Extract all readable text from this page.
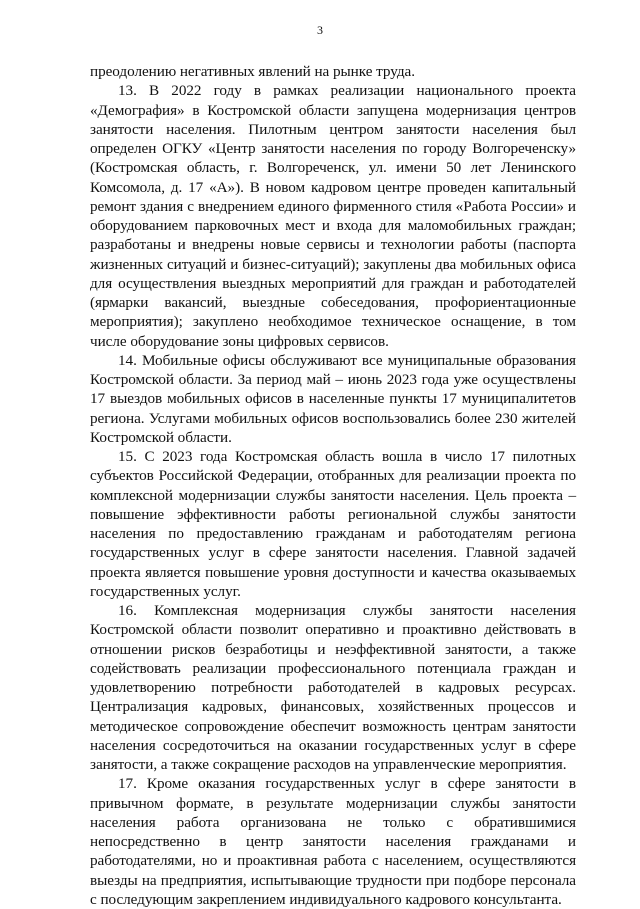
3

преодолению негативных явлений на рынке труда.

13. В 2022 году в рамках реализации национального проекта «Демография» в Костромской области запущена модернизация центров занятости населения. Пилотным центром занятости населения был определен ОГКУ «Центр занятости населения по городу Волгореченску» (Костромская область, г. Волгореченск, ул. имени 50 лет Ленинского Комсомола, д. 17 «А»). В новом кадровом центре проведен капитальный ремонт здания с внедрением единого фирменного стиля «Работа России» и оборудованием парковочных мест и входа для маломобильных граждан; разработаны и внедрены новые сервисы и технологии работы (паспорта жизненных ситуаций и бизнес-ситуаций); закуплены два мобильных офиса для осуществления выездных мероприятий для граждан и работодателей (ярмарки вакансий, выездные собеседования, профориентационные мероприятия); закуплено необходимое техническое оснащение, в том числе оборудование зоны цифровых сервисов.

14. Мобильные офисы обслуживают все муниципальные образования Костромской области. За период май – июнь 2023 года уже осуществлены 17 выездов мобильных офисов в населенные пункты 17 муниципалитетов региона. Услугами мобильных офисов воспользовались более 230 жителей Костромской области.

15. С 2023 года Костромская область вошла в число 17 пилотных субъектов Российской Федерации, отобранных для реализации проекта по комплексной модернизации службы занятости населения. Цель проекта – повышение эффективности работы региональной службы занятости населения по предоставлению гражданам и работодателям региона государственных услуг в сфере занятости населения. Главной задачей проекта является повышение уровня доступности и качества оказываемых государственных услуг.

16. Комплексная модернизация службы занятости населения Костромской области позволит оперативно и проактивно действовать в отношении рисков безработицы и неэффективной занятости, а также содействовать реализации профессионального потенциала граждан и удовлетворению потребности работодателей в кадровых ресурсах. Централизация кадровых, финансовых, хозяйственных процессов и методическое сопровождение обеспечит возможность центрам занятости населения сосредоточиться на оказании государственных услуг в сфере занятости, а также сокращение расходов на управленческие мероприятия.

17. Кроме оказания государственных услуг в сфере занятости в привычном формате, в результате модернизации службы занятости населения работа организована не только с обратившимися непосредственно в центр занятости населения гражданами и работодателями, но и проактивная работа с населением, осуществляются выезды на предприятия, испытывающие трудности при подборе персонала с последующим закреплением индивидуального кадрового консультанта.
